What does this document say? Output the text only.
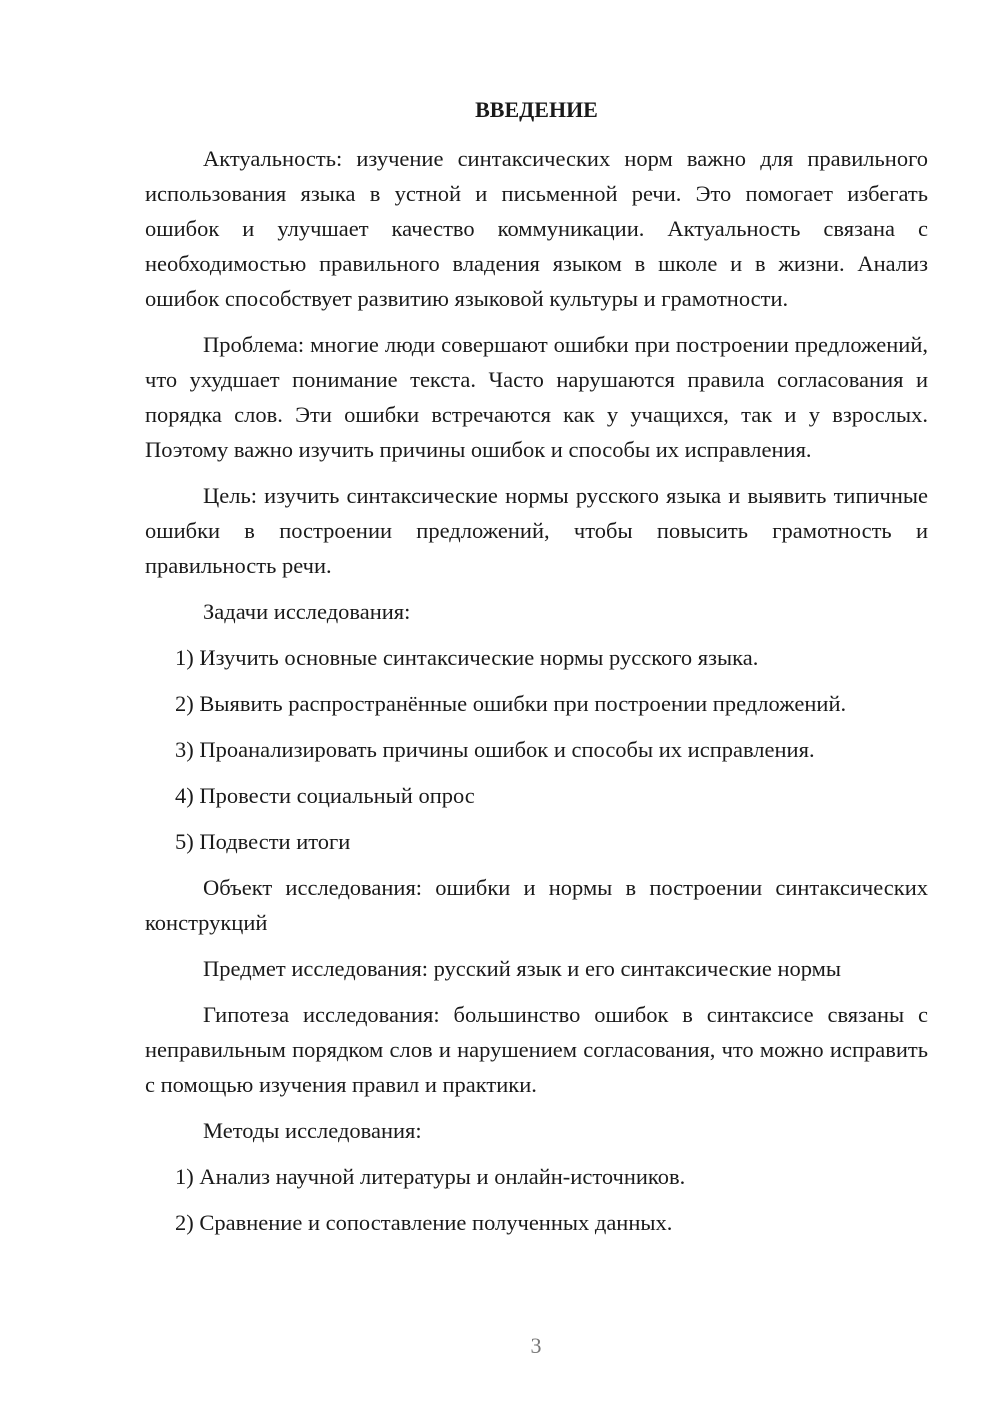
ВВЕДЕНИЕ

Актуальность: изучение синтаксических норм важно для правильного использования языка в устной и письменной речи. Это помогает избегать ошибок и улучшает качество коммуникации. Актуальность связана с необходимостью правильного владения языком в школе и в жизни. Анализ ошибок способствует развитию языковой культуры и грамотности.

Проблема: многие люди совершают ошибки при построении предложений, что ухудшает понимание текста. Часто нарушаются правила согласования и порядка слов. Эти ошибки встречаются как у учащихся, так и у взрослых. Поэтому важно изучить причины ошибок и способы их исправления.

Цель: изучить синтаксические нормы русского языка и выявить типичные ошибки в построении предложений, чтобы повысить грамотность и правильность речи.

Задачи исследования:

1) Изучить основные синтаксические нормы русского языка.

2) Выявить распространённые ошибки при построении предложений.

3) Проанализировать причины ошибок и способы их исправления.

4) Провести социальный опрос

5) Подвести итоги

Объект исследования: ошибки и нормы в построении синтаксических конструкций

Предмет исследования: русский язык и его синтаксические нормы

Гипотеза исследования: большинство ошибок в синтаксисе связаны с неправильным порядком слов и нарушением согласования, что можно исправить с помощью изучения правил и практики.

Методы исследования:

1) Анализ научной литературы и онлайн-источников.

2) Сравнение и сопоставление полученных данных.

3
